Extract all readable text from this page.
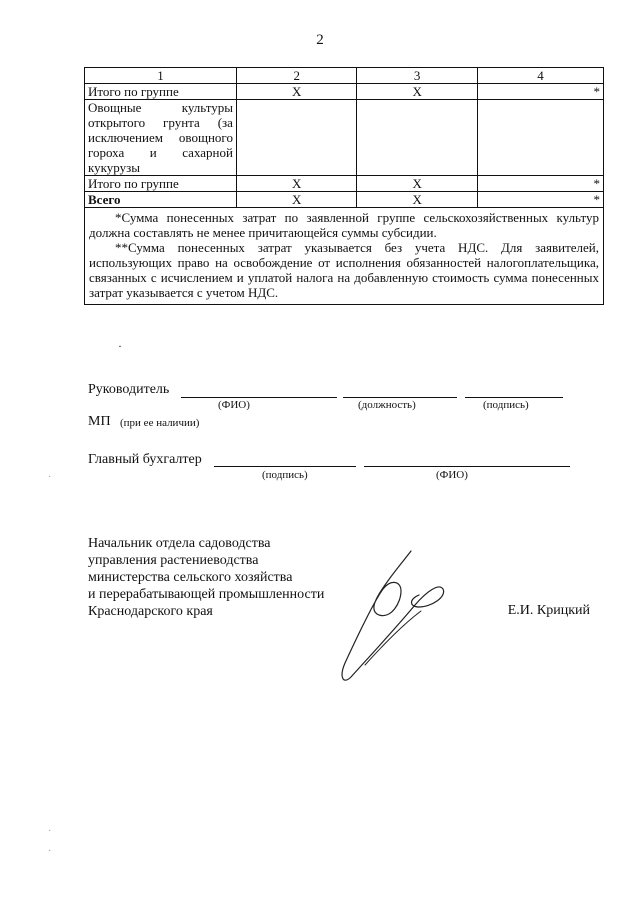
2
1	2	3	4
Итого по группе	Х	Х	*
Овощные культуры открытого грунта (за исключением овощного гороха и сахарной кукурузы			
Итого по группе	Х	Х	*
Всего	Х	Х	*

*Сумма понесенных затрат по заявленной группе сельскохозяйственных культур должна составлять не менее причитающейся суммы субсидии.

**Сумма понесенных затрат указывается без учета НДС. Для заявителей, использующих право на освобождение от исполнения обязанностей налогоплательщика, связанных с исчислением и уплатой налога на добавленную стоимость сумма понесенных затрат указывается с учетом НДС.			

·
Руководитель
(ФИО)	(должность)	(подпись)
МП (при ее наличии)
Главный бухгалтер
(подпись)	(ФИО)
Начальник отдела садоводства
управления растениеводства
министерства сельского хозяйства
и перерабатывающей промышленности
Краснодарского края	Е.И. Крицкий
·
·
·
